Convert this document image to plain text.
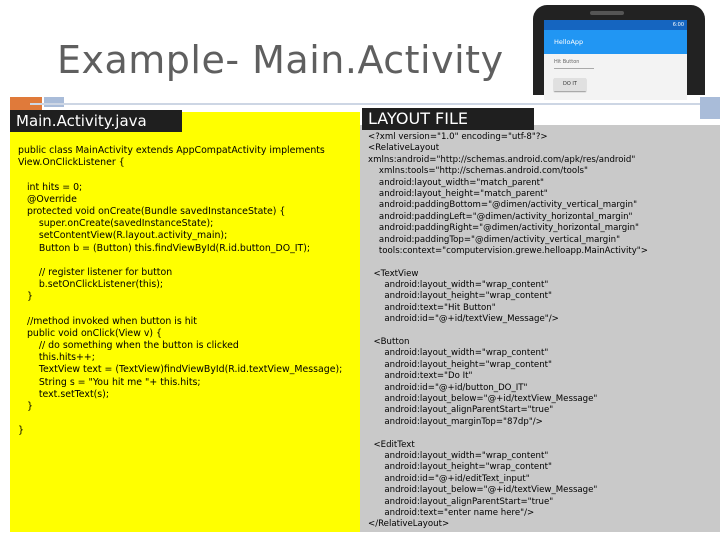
Example- Main.Activity
6:00
HelloApp
Hit Button
DO IT
Main.Activity.java	LAYOUT FILE
public class MainActivity extends AppCompatActivity implements
View.OnClickListener {
int hits = 0;
@Override
protected void onCreate(Bundle savedInstanceState) {
super.onCreate(savedInstanceState);
setContentView(R.layout.activity_main);
Button b = (Button) this.findViewById(R.id.button_DO_IT);
// register listener for button
b.setOnClickListener(this);
}
//method invoked when button is hit
public void onClick(View v) {
// do something when the button is clicked
this.hits++;
TextView text = (TextView)findViewById(R.id.textView_Message);
String s = "You hit me "+ this.hits;
text.setText(s);
}
}
<?xml version="1.0" encoding="utf-8"?>
<RelativeLayout
xmlns:android="http://schemas.android.com/apk/res/android"
xmlns:tools="http://schemas.android.com/tools"
android:layout_width="match_parent"
android:layout_height="match_parent"
android:paddingBottom="@dimen/activity_vertical_margin"
android:paddingLeft="@dimen/activity_horizontal_margin"
android:paddingRight="@dimen/activity_horizontal_margin"
android:paddingTop="@dimen/activity_vertical_margin"
tools:context="computervision.grewe.helloapp.MainActivity">
<TextView
android:layout_width="wrap_content"
android:layout_height="wrap_content"
android:text="Hit Button"
android:id="@+id/textView_Message"/>
<Button
android:layout_width="wrap_content"
android:layout_height="wrap_content"
android:text="Do It"
android:id="@+id/button_DO_IT"
android:layout_below="@+id/textView_Message"
android:layout_alignParentStart="true"
android:layout_marginTop="87dp"/>
<EditText
android:layout_width="wrap_content"
android:layout_height="wrap_content"
android:id="@+id/editText_input"
android:layout_below="@+id/textView_Message"
android:layout_alignParentStart="true"
android:text="enter name here"/>
</RelativeLayout>
